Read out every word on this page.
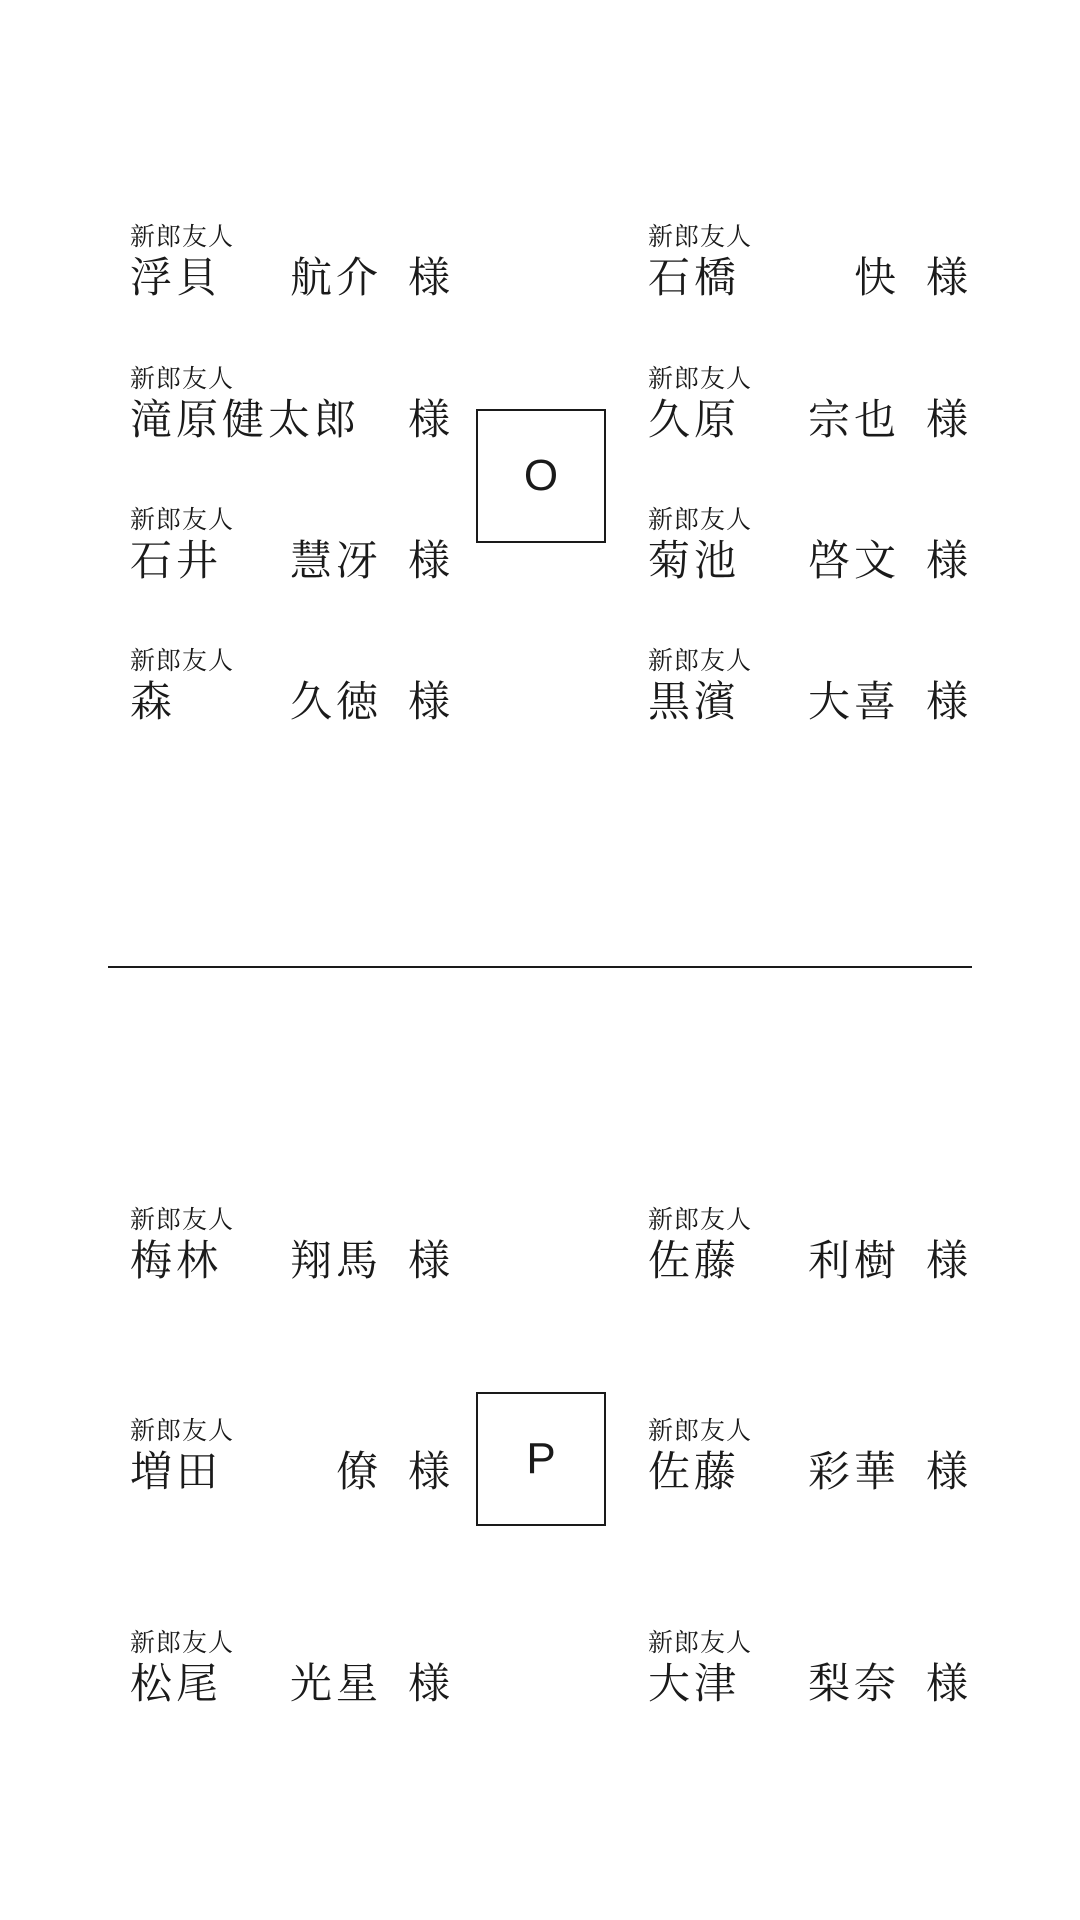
新郎友人
浮貝 航介 様
新郎友人
滝原 健太郎 様
新郎友人
石井 慧冴 様
新郎友人
森	久徳 様
O
新郎友人
石橋	快 様
新郎友人
久原 宗也 様
新郎友人
菊池 啓文 様
新郎友人
黒濱 大喜 様
新郎友人
梅林 翔馬 様
新郎友人
増田	僚 様
新郎友人
松尾 光星 様
P
新郎友人
佐藤 利樹 様
新郎友人
佐藤 彩華 様
新郎友人
大津 梨奈 様
